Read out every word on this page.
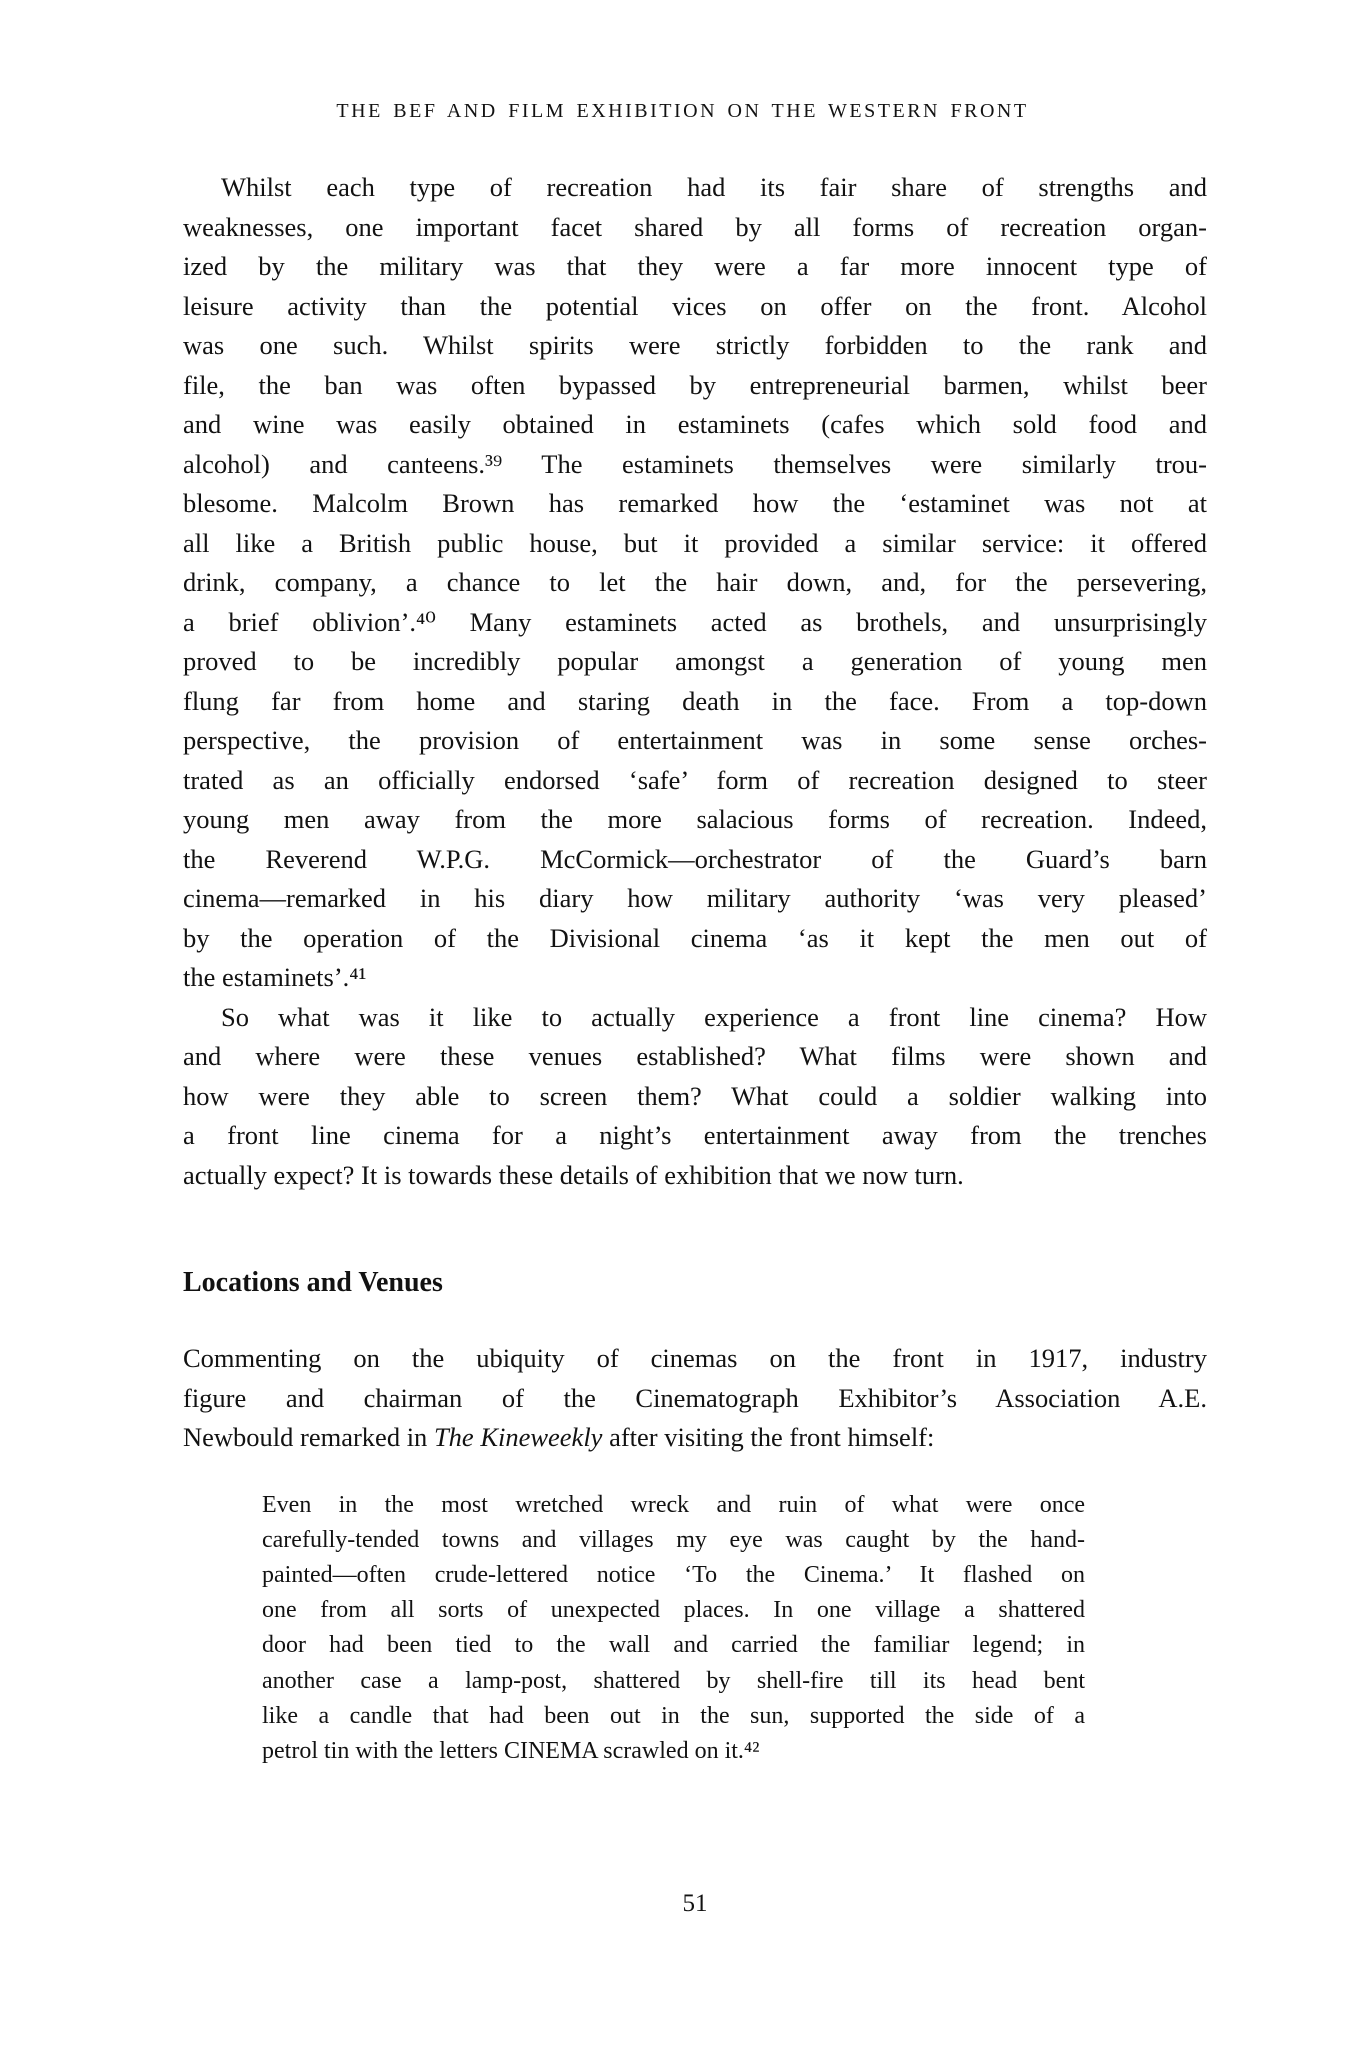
THE BEF AND FILM EXHIBITION ON THE WESTERN FRONT
Whilst each type of recreation had its fair share of strengths and
weaknesses, one important facet shared by all forms of recreation organ-
ized by the military was that they were a far more innocent type of
leisure activity than the potential vices on offer on the front. Alcohol
was one such. Whilst spirits were strictly forbidden to the rank and
file, the ban was often bypassed by entrepreneurial barmen, whilst beer
and wine was easily obtained in estaminets (cafes which sold food and
alcohol) and canteens.³⁹ The estaminets themselves were similarly trou-
blesome. Malcolm Brown has remarked how the ‘estaminet was not at
all like a British public house, but it provided a similar service: it offered
drink, company, a chance to let the hair down, and, for the persevering,
a brief oblivion’.⁴⁰ Many estaminets acted as brothels, and unsurprisingly
proved to be incredibly popular amongst a generation of young men
flung far from home and staring death in the face. From a top-down
perspective, the provision of entertainment was in some sense orches-
trated as an officially endorsed ‘safe’ form of recreation designed to steer
young men away from the more salacious forms of recreation. Indeed,
the Reverend W.P.G. McCormick—orchestrator of the Guard’s barn
cinema—remarked in his diary how military authority ‘was very pleased’
by the operation of the Divisional cinema ‘as it kept the men out of
the estaminets’.⁴¹
So what was it like to actually experience a front line cinema? How
and where were these venues established? What films were shown and
how were they able to screen them? What could a soldier walking into
a front line cinema for a night’s entertainment away from the trenches
actually expect? It is towards these details of exhibition that we now turn.
Locations and Venues
Commenting on the ubiquity of cinemas on the front in 1917, industry
figure and chairman of the Cinematograph Exhibitor’s Association A.E.
Newbould remarked in The Kineweekly after visiting the front himself:
Even in the most wretched wreck and ruin of what were once
carefully-tended towns and villages my eye was caught by the hand-
painted—often crude-lettered notice ‘To the Cinema.’ It flashed on
one from all sorts of unexpected places. In one village a shattered
door had been tied to the wall and carried the familiar legend; in
another case a lamp-post, shattered by shell-fire till its head bent
like a candle that had been out in the sun, supported the side of a
petrol tin with the letters CINEMA scrawled on it.⁴²
51
